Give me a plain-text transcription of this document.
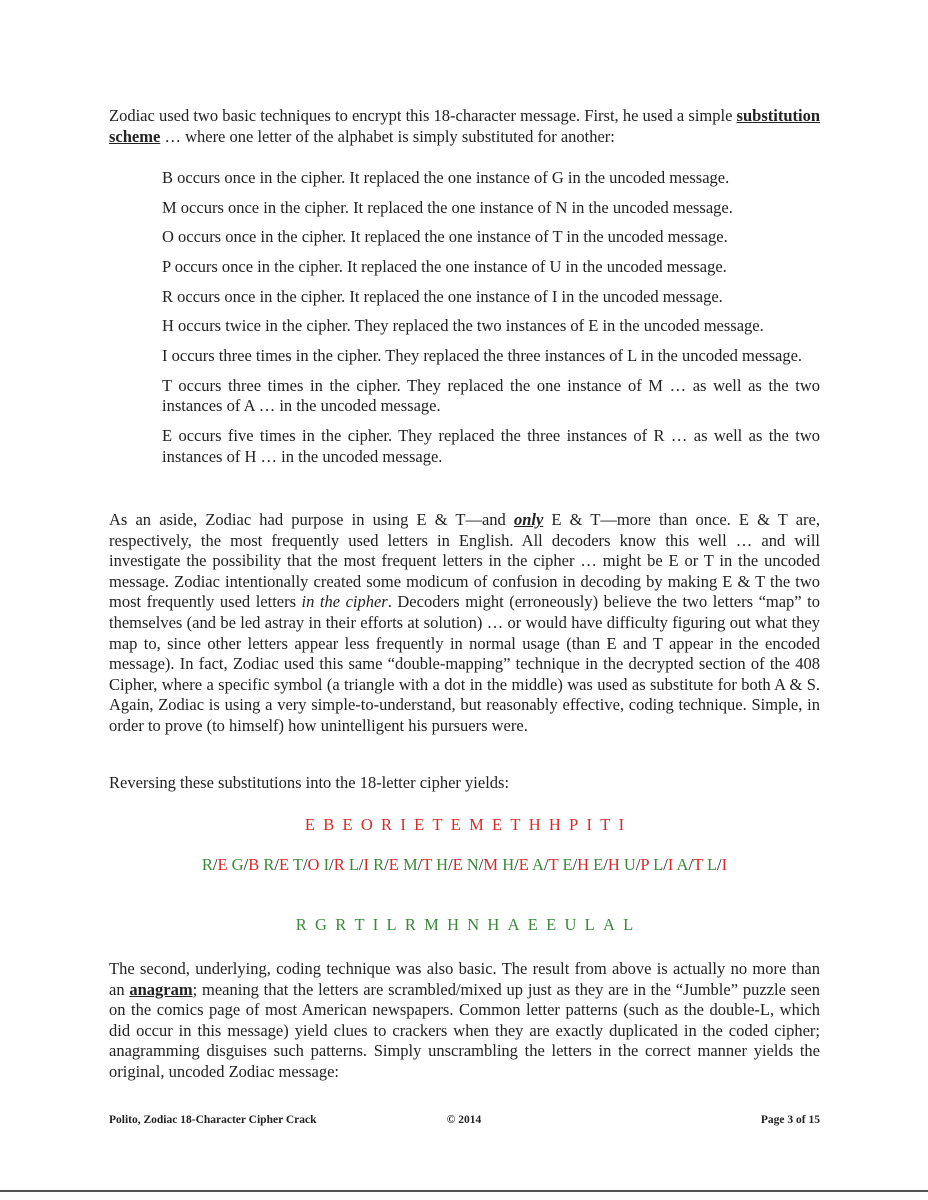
Zodiac used two basic techniques to encrypt this 18-character message. First, he used a simple substitution scheme … where one letter of the alphabet is simply substituted for another:

B occurs once in the cipher. It replaced the one instance of G in the uncoded message.
M occurs once in the cipher. It replaced the one instance of N in the uncoded message.
O occurs once in the cipher. It replaced the one instance of T in the uncoded message.
P occurs once in the cipher. It replaced the one instance of U in the uncoded message.
R occurs once in the cipher. It replaced the one instance of I in the uncoded message.
H occurs twice in the cipher. They replaced the two instances of E in the uncoded message.
I occurs three times in the cipher. They replaced the three instances of L in the uncoded message.
T occurs three times in the cipher. They replaced the one instance of M … as well as the two instances of A … in the uncoded message.
E occurs five times in the cipher. They replaced the three instances of R … as well as the two instances of H … in the uncoded message.

As an aside, Zodiac had purpose in using E & T—and only E & T—more than once. E & T are, respectively, the most frequently used letters in English. All decoders know this well … and will investigate the possibility that the most frequent letters in the cipher … might be E or T in the uncoded message. Zodiac intentionally created some modicum of confusion in decoding by making E & T the two most frequently used letters in the cipher. Decoders might (erroneously) believe the two letters “map” to themselves (and be led astray in their efforts at solution) … or would have difficulty figuring out what they map to, since other letters appear less frequently in normal usage (than E and T appear in the encoded message). In fact, Zodiac used this same “double-mapping” technique in the decrypted section of the 408 Cipher, where a specific symbol (a triangle with a dot in the middle) was used as substitute for both A & S. Again, Zodiac is using a very simple-to-understand, but reasonably effective, coding technique. Simple, in order to prove (to himself) how unintelligent his pursuers were.

Reversing these substitutions into the 18-letter cipher yields:

E B E O R I E T E M E T H H P I T I

R/E G/B R/E T/O I/R L/I R/E M/T H/E N/M H/E A/T E/H E/H U/P L/I A/T L/I

R G R T I L R M H N H A E E U L A L

The second, underlying, coding technique was also basic. The result from above is actually no more than an anagram; meaning that the letters are scrambled/mixed up just as they are in the “Jumble” puzzle seen on the comics page of most American newspapers. Common letter patterns (such as the double-L, which did occur in this message) yield clues to crackers when they are exactly duplicated in the coded cipher; anagramming disguises such patterns. Simply unscrambling the letters in the correct manner yields the original, uncoded Zodiac message:

Polito, Zodiac 18-Character Cipher Crack	© 2014	Page 3 of 15
